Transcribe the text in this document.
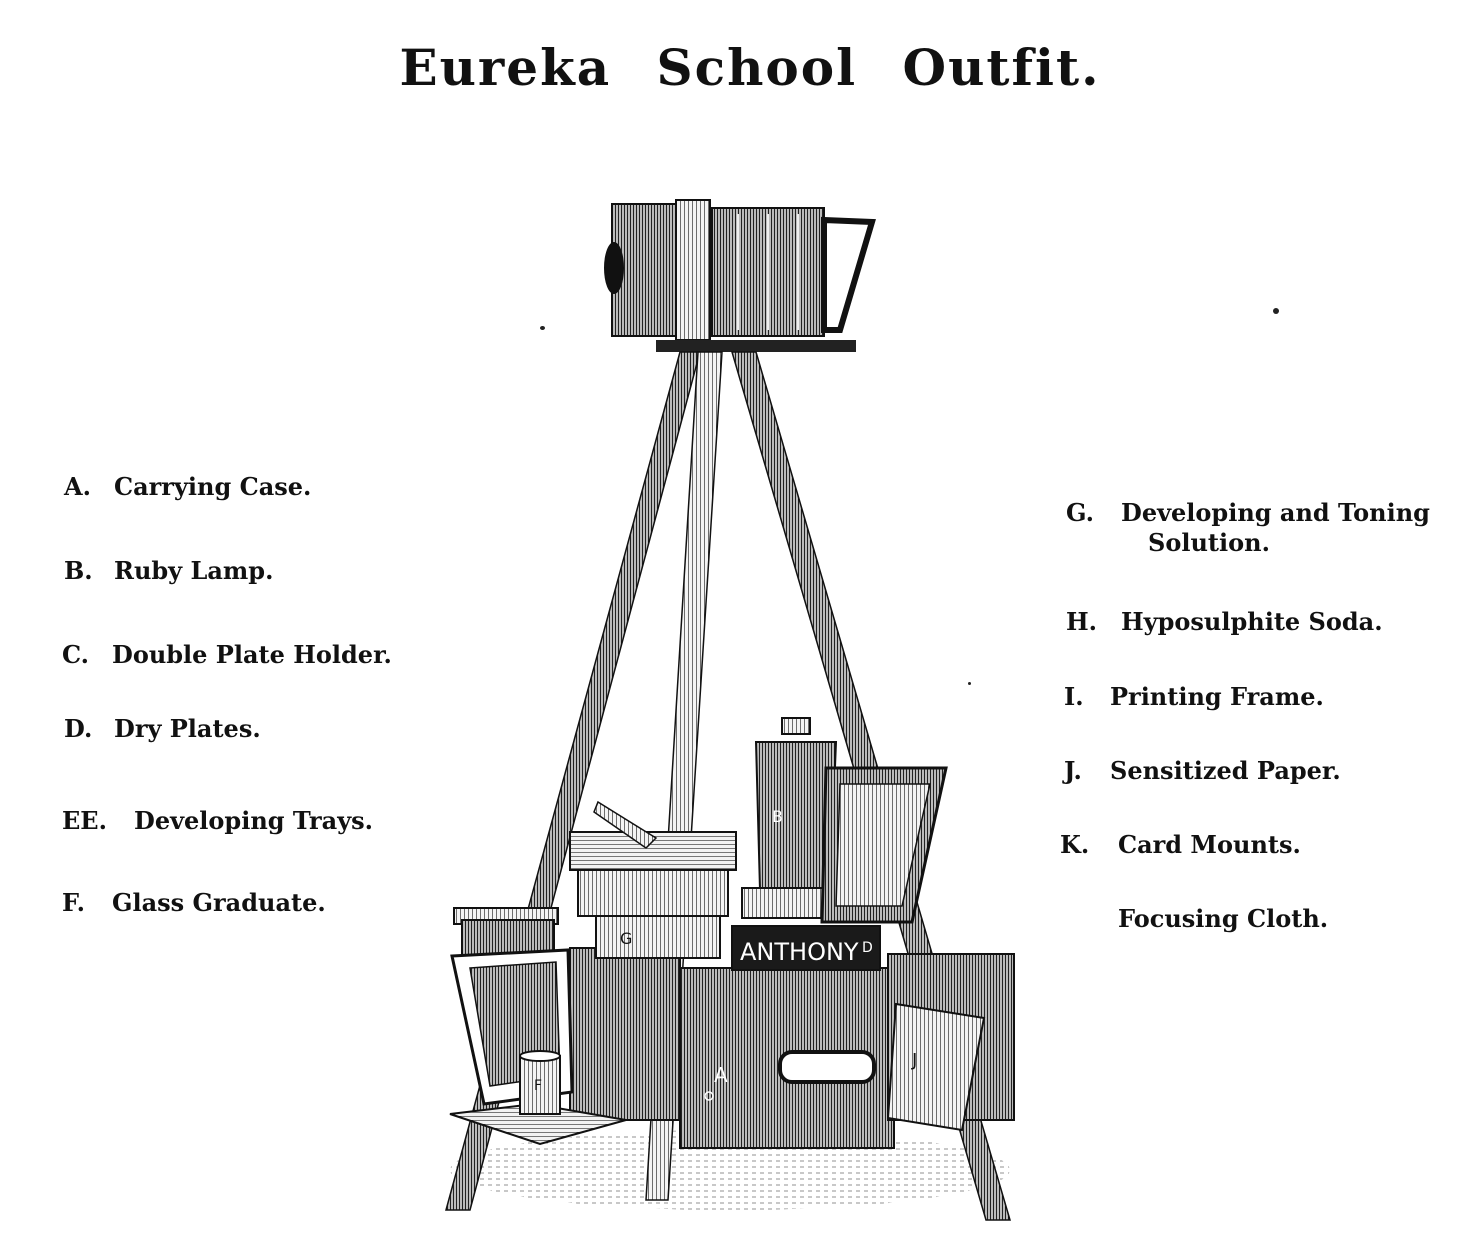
Eureka School Outfit.
A. Carrying Case.
B. Ruby Lamp.
C. Double Plate Holder.
D. Dry Plates.
EE. Developing Trays.
F. Glass Graduate.
G. Developing and Toning
Solution.
H. Hyposulphite Soda.
I. Printing Frame.
J. Sensitized Paper.
K. Card Mounts.
Focusing Cloth.
A
G
B
ANTHONY D
J
F
